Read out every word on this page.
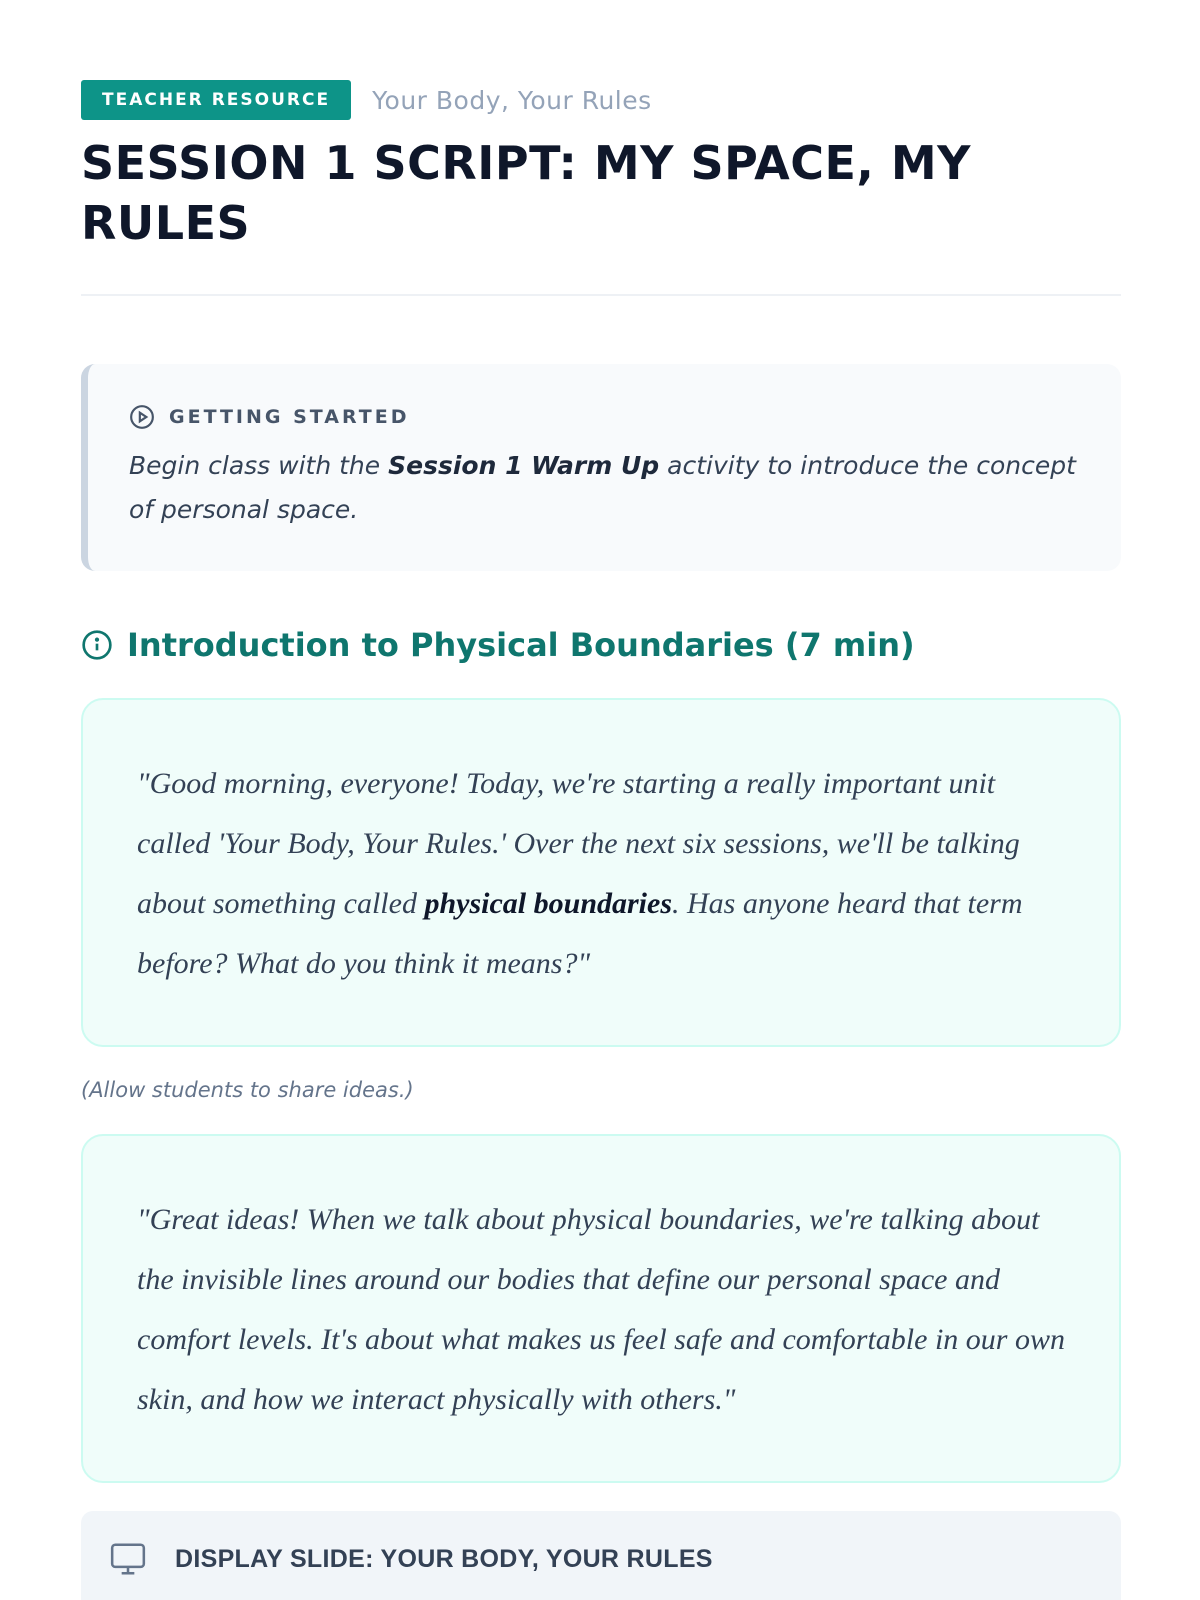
TEACHER RESOURCE	Your Body, Your Rules
SESSION 1 SCRIPT: MY SPACE, MY RULES
GETTING STARTED

Begin class with the Session 1 Warm Up activity to introduce the concept of personal space.

Introduction to Physical Boundaries (7 min)

"Good morning, everyone! Today, we're starting a really important unit called 'Your Body, Your Rules.' Over the next six sessions, we'll be talking about something called physical boundaries. Has anyone heard that term before? What do you think it means?"

(Allow students to share ideas.)

"Great ideas! When we talk about physical boundaries, we're talking about the invisible lines around our bodies that define our personal space and comfort levels. It's about what makes us feel safe and comfortable in our own skin, and how we interact physically with others."

DISPLAY SLIDE: YOUR BODY, YOUR RULES
